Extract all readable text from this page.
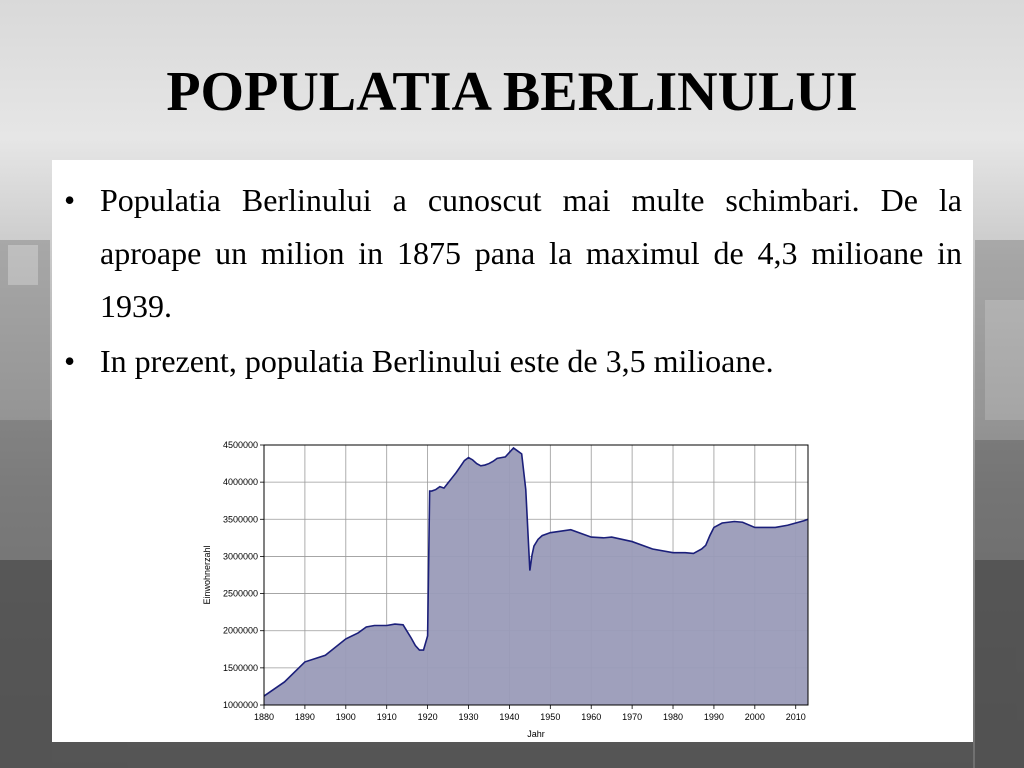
POPULATIA BERLINULUI
• Populatia Berlinului a cunoscut mai multe schimbari. De la aproape un milion in 1875 pana la maximul de 4,3 milioane in 1939.
• In prezent, populatia Berlinului este de 3,5 milioane.
1880 1890 1900 1910 1920 1930 1940 1950 1960 1970 1980 1990 2000 2010
1000000
1500000
2000000
2500000
3000000
3500000
4000000
4500000
Jahr
Einwohnerzahl
